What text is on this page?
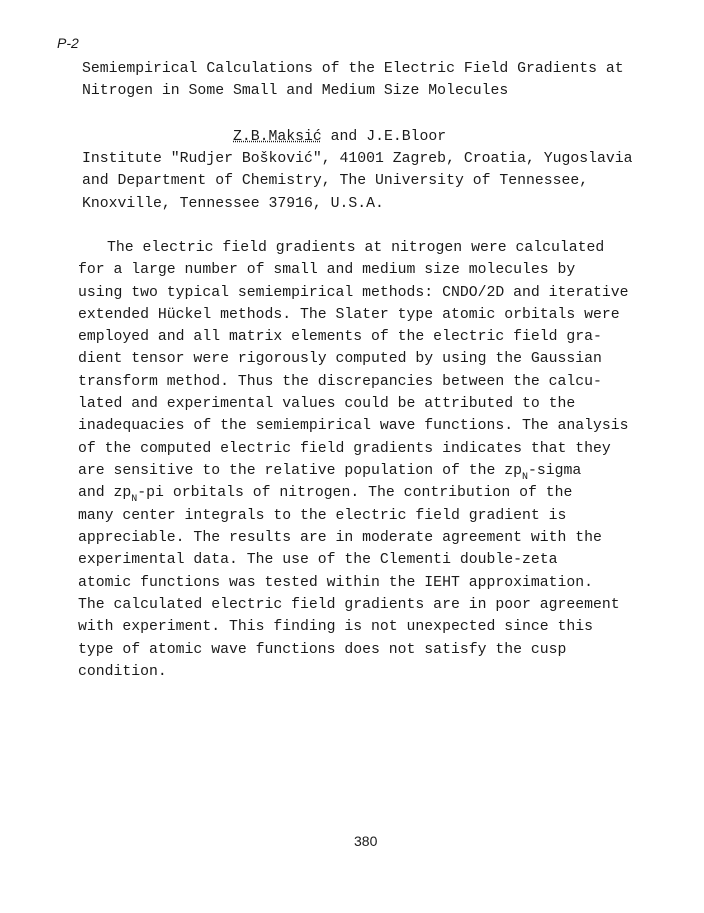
P-2
Semiempirical Calculations of the Electric Field Gradients at
Nitrogen in Some Small and Medium Size Molecules
Z.B.Maksić and J.E.Bloor
Institute "Rudjer Bošković", 41001 Zagreb, Croatia, Yugoslavia
and Department of Chemistry, The University of Tennessee,
Knoxville, Tennessee 37916, U.S.A.
The electric field gradients at nitrogen were calculated
for a large number of small and medium size molecules by
using two typical semiempirical methods: CNDO/2D and iterative
extended Hückel methods. The Slater type atomic orbitals were
employed and all matrix elements of the electric field gra-
dient tensor were rigorously computed by using the Gaussian
transform method. Thus the discrepancies between the calcu-
lated and experimental values could be attributed to the
inadequacies of the semiempirical wave functions. The analysis
of the computed electric field gradients indicates that they
are sensitive to the relative population of the $zp_N$-sigma
and $zp_N-pi$ orbitals of nitrogen. The contribution of the
many center integrals to the electric field gradient is
appreciable. The results are in moderate agreement with the
experimental data. The use of the Clementi double-zeta
atomic functions was tested within the IEHT approximation.
The calculated electric field gradients are in poor agreement
with experiment. This finding is not unexpected since this
type of atomic wave functions does not satisfy the cusp
condition.
380
